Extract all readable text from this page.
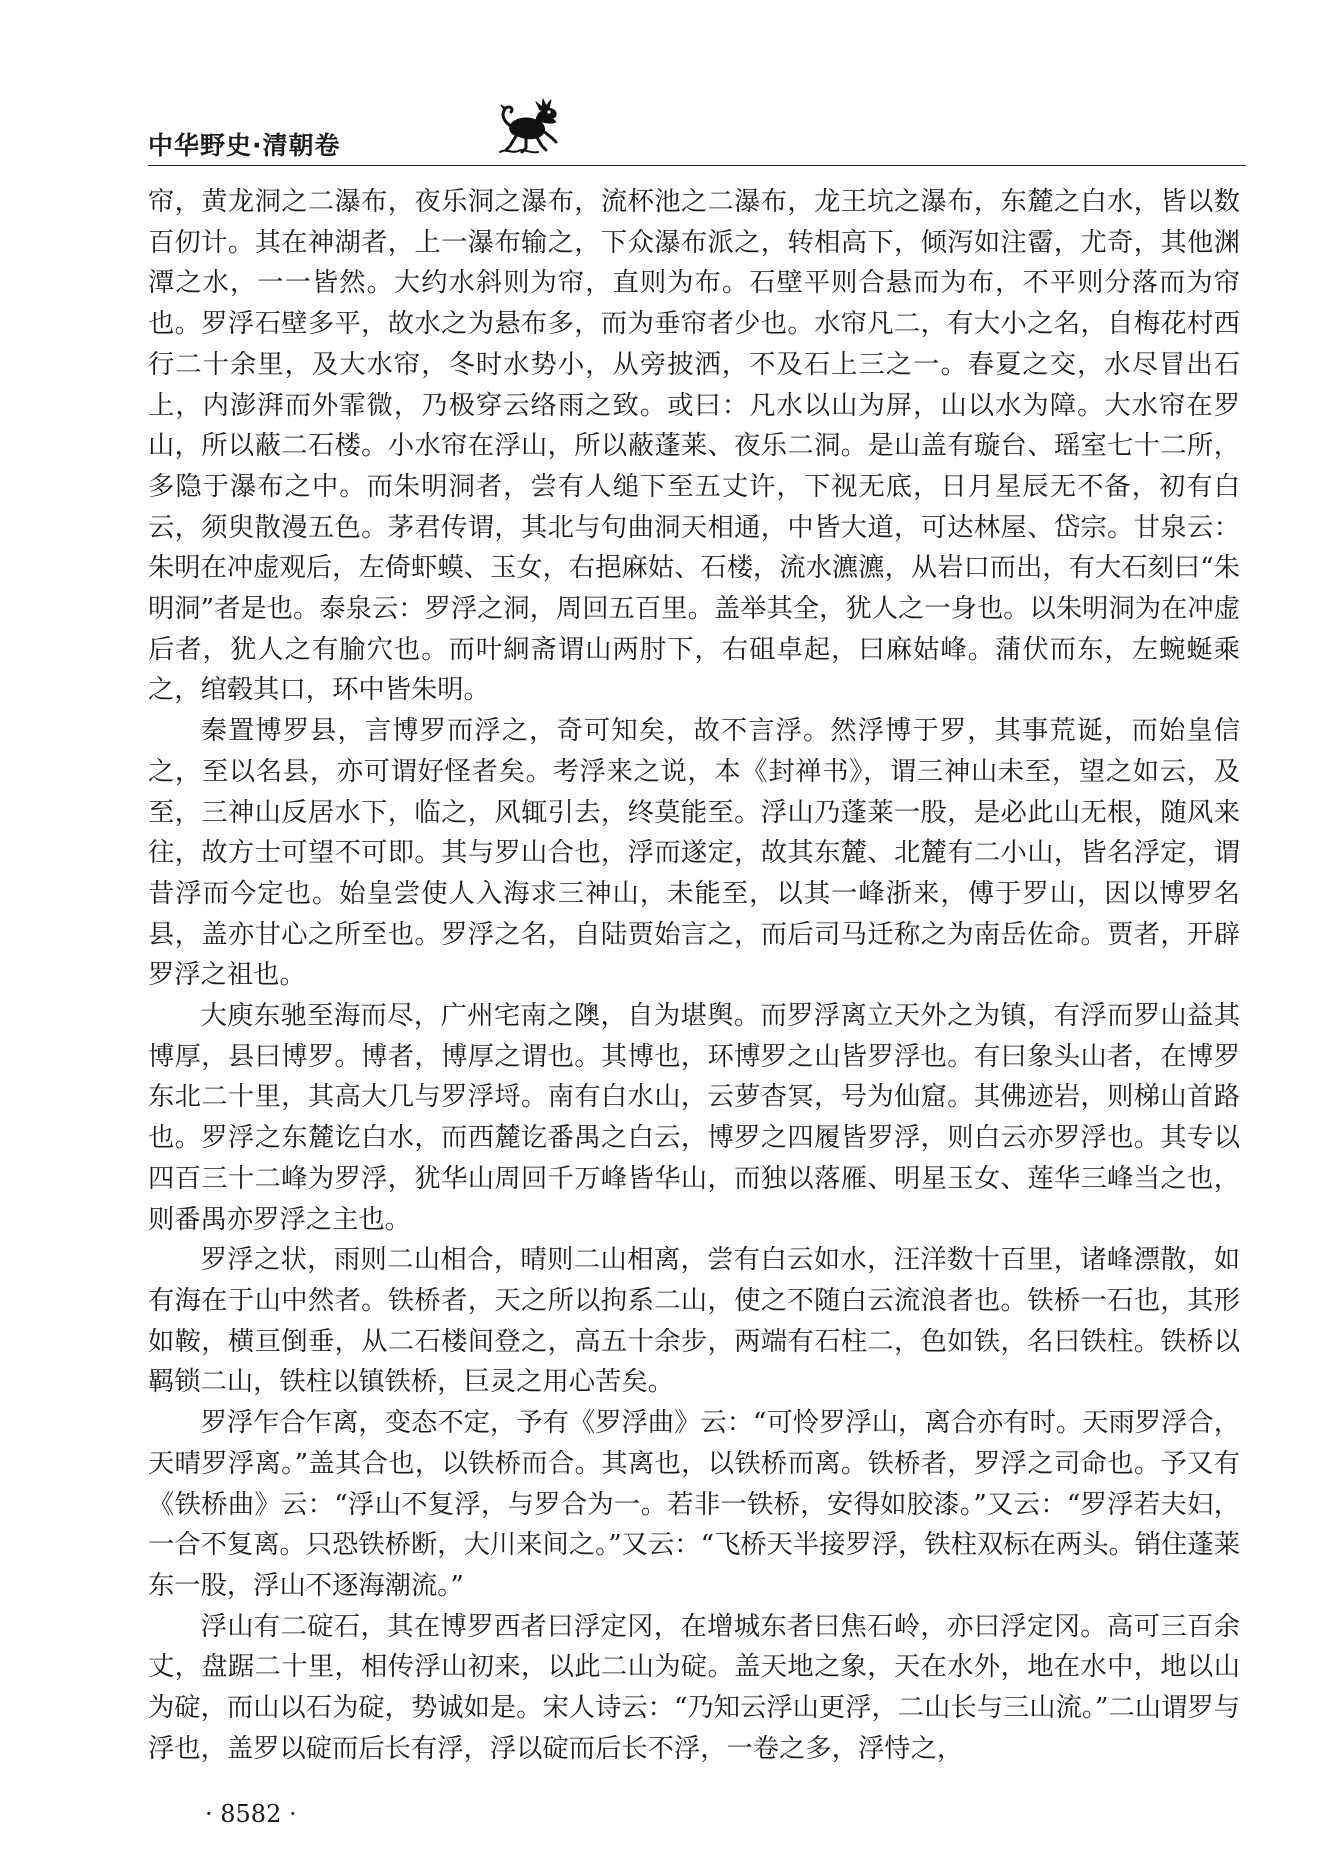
中华野史·清朝卷

帘，黄龙洞之二瀑布，夜乐洞之瀑布，流杯池之二瀑布，龙王坑之瀑布，东麓之白水，皆以数百仞计。其在神湖者，上一瀑布输之，下众瀑布派之，转相高下，倾泻如注霤，尤奇，其他渊潭之水，一一皆然。大约水斜则为帘，直则为布。石壁平则合悬而为布，不平则分落而为帘也。罗浮石壁多平，故水之为悬布多，而为垂帘者少也。水帘凡二，有大小之名，自梅花村西行二十余里，及大水帘，冬时水势小，从旁披洒，不及石上三之一。春夏之交，水尽冒出石上，内澎湃而外霏微，乃极穿云络雨之致。或曰：凡水以山为屏，山以水为障。大水帘在罗山，所以蔽二石楼。小水帘在浮山，所以蔽蓬莱、夜乐二洞。是山盖有璇台、瑶室七十二所，多隐于瀑布之中。而朱明洞者，尝有人缒下至五丈许，下视无底，日月星辰无不备，初有白云，须臾散漫五色。茅君传谓，其北与句曲洞天相通，中皆大道，可达林屋、岱宗。甘泉云：朱明在冲虚观后，左倚虾蟆、玉女，右挹麻姑、石楼，流水瀌瀌，从岩口而出，有大石刻曰“朱明洞”者是也。泰泉云：罗浮之洞，周回五百里。盖举其全，犹人之一身也。以朱明洞为在冲虚后者，犹人之有腧穴也。而叶絅斋谓山两肘下，右砠卓起，曰麻姑峰。蒲伏而东，左蜿蜒乘之，绾毂其口，环中皆朱明。

秦置博罗县，言博罗而浮之，奇可知矣，故不言浮。然浮博于罗，其事荒诞，而始皇信之，至以名县，亦可谓好怪者矣。考浮来之说，本《封禅书》，谓三神山未至，望之如云，及至，三神山反居水下，临之，风辄引去，终莫能至。浮山乃蓬莱一股，是必此山无根，随风来往，故方士可望不可即。其与罗山合也，浮而遂定，故其东麓、北麓有二小山，皆名浮定，谓昔浮而今定也。始皇尝使人入海求三神山，未能至，以其一峰浙来，傅于罗山，因以博罗名县，盖亦甘心之所至也。罗浮之名，自陆贾始言之，而后司马迁称之为南岳佐命。贾者，开辟罗浮之祖也。

大庾东驰至海而尽，广州宅南之隩，自为堪舆。而罗浮离立天外之为镇，有浮而罗山益其博厚，县曰博罗。博者，博厚之谓也。其博也，环博罗之山皆罗浮也。有曰象头山者，在博罗东北二十里，其高大几与罗浮埒。南有白水山，云萝杳冥，号为仙窟。其佛迹岩，则梯山首路也。罗浮之东麓讫白水，而西麓讫番禺之白云，博罗之四履皆罗浮，则白云亦罗浮也。其专以四百三十二峰为罗浮，犹华山周回千万峰皆华山，而独以落雁、明星玉女、莲华三峰当之也，则番禺亦罗浮之主也。

罗浮之状，雨则二山相合，晴则二山相离，尝有白云如水，汪洋数十百里，诸峰漂散，如有海在于山中然者。铁桥者，天之所以拘系二山，使之不随白云流浪者也。铁桥一石也，其形如鞍，横亘倒垂，从二石楼间登之，高五十余步，两端有石柱二，色如铁，名曰铁柱。铁桥以羁锁二山，铁柱以镇铁桥，巨灵之用心苦矣。

罗浮乍合乍离，变态不定，予有《罗浮曲》云：“可怜罗浮山，离合亦有时。天雨罗浮合，天晴罗浮离。”盖其合也，以铁桥而合。其离也，以铁桥而离。铁桥者，罗浮之司命也。予又有《铁桥曲》云：“浮山不复浮，与罗合为一。若非一铁桥，安得如胶漆。”又云：“罗浮若夫妇，一合不复离。只恐铁桥断，大川来间之。”又云：“飞桥天半接罗浮，铁柱双标在两头。销住蓬莱东一股，浮山不逐海潮流。”

浮山有二碇石，其在博罗西者曰浮定冈，在增城东者曰焦石岭，亦曰浮定冈。高可三百余丈，盘踞二十里，相传浮山初来，以此二山为碇。盖天地之象，天在水外，地在水中，地以山为碇，而山以石为碇，势诚如是。宋人诗云：“乃知云浮山更浮，二山长与三山流。”二山谓罗与浮也，盖罗以碇而后长有浮，浮以碇而后长不浮，一卷之多，浮恃之，

· 8582 ·
